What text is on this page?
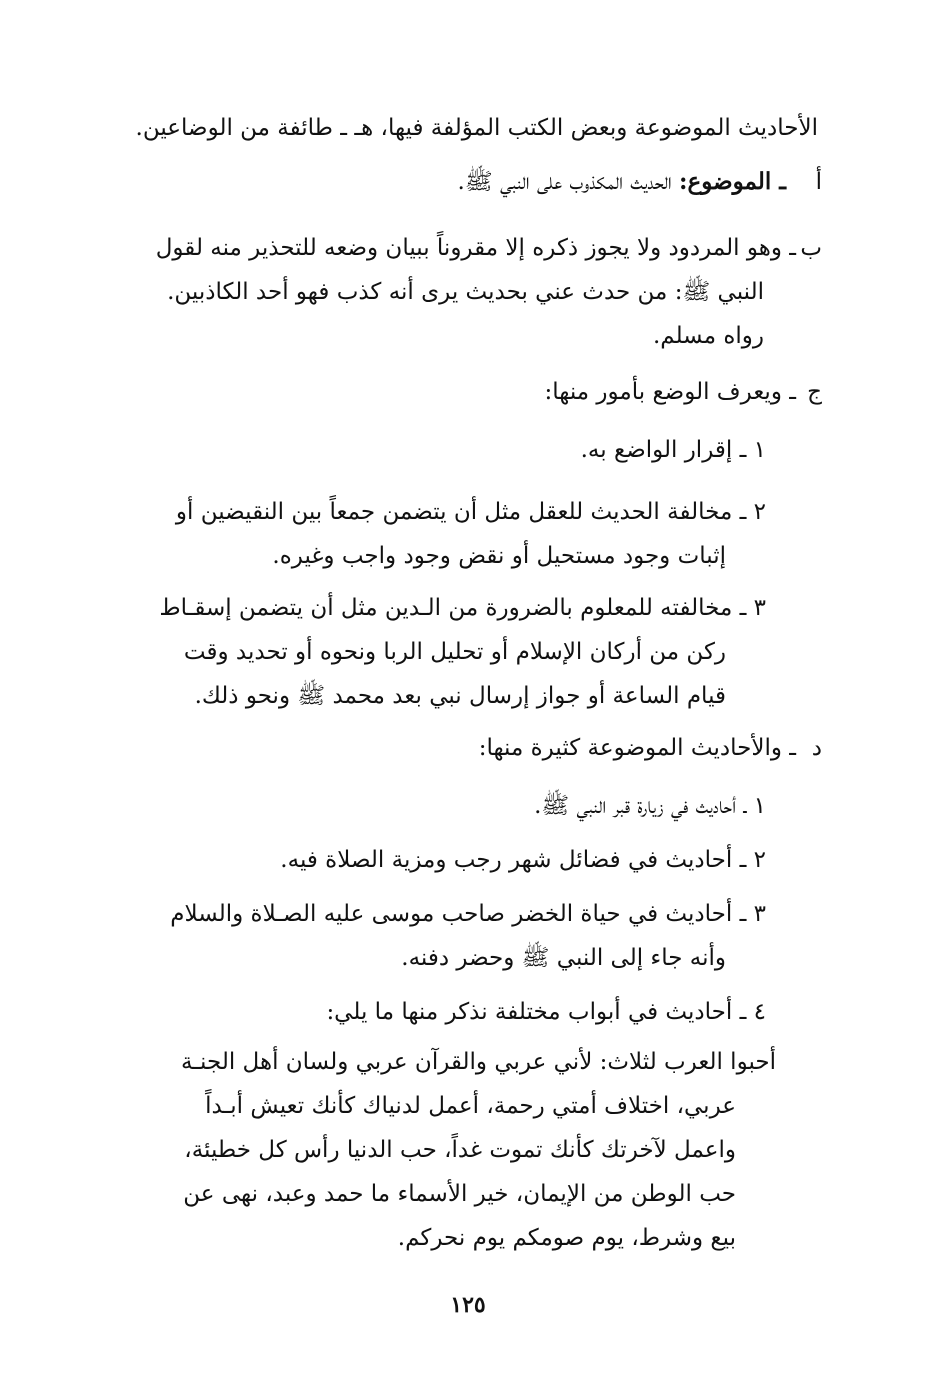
الأحاديث الموضوعة وبعض الكتب المؤلفة فيها، هـ ـ طائفة من الوضاعين.
أ
ـ الموضوع: الحديث المكذوب على النبي ﷺ.
ب
ـ وهو المردود ولا يجوز ذكره إلا مقروناً ببيان وضعه للتحذير منه لقول
النبي ﷺ: من حدث عني بحديث يرى أنه كذب فهو أحد الكاذبين.
رواه مسلم.
ج
ـ ويعرف الوضع بأمور منها:
١ ـ إقرار الواضع به.
٢ ـ مخالفة الحديث للعقل مثل أن يتضمن جمعاً بين النقيضين أو
إثبات وجود مستحيل أو نقض وجود واجب وغيره.
٣ ـ مخالفته للمعلوم بالضرورة من الـدين مثل أن يتضمن إسقـاط
ركن من أركان الإسلام أو تحليل الربا ونحوه أو تحديد وقت
قيام الساعة أو جواز إرسال نبي بعد محمد ﷺ ونحو ذلك.
د
ـ والأحاديث الموضوعة كثيرة منها:
١ ـ أحاديث في زيارة قبر النبي ﷺ.
٢ ـ أحاديث في فضائل شهر رجب ومزية الصلاة فيه.
٣ ـ أحاديث في حياة الخضر صاحب موسى عليه الصـلاة والسلام
وأنه جاء إلى النبي ﷺ وحضر دفنه.
٤ ـ أحاديث في أبواب مختلفة نذكر منها ما يلي:
أحبوا العرب لثلاث: لأني عربي والقرآن عربي ولسان أهل الجنـة
عربي، اختلاف أمتي رحمة، أعمل لدنياك كأنك تعيش أبـداً
واعمل لآخرتك كأنك تموت غداً، حب الدنيا رأس كل خطيئة،
حب الوطن من الإيمان، خير الأسماء ما حمد وعبد، نهى عن
بيع وشرط، يوم صومكم يوم نحركم.
١٢٥
